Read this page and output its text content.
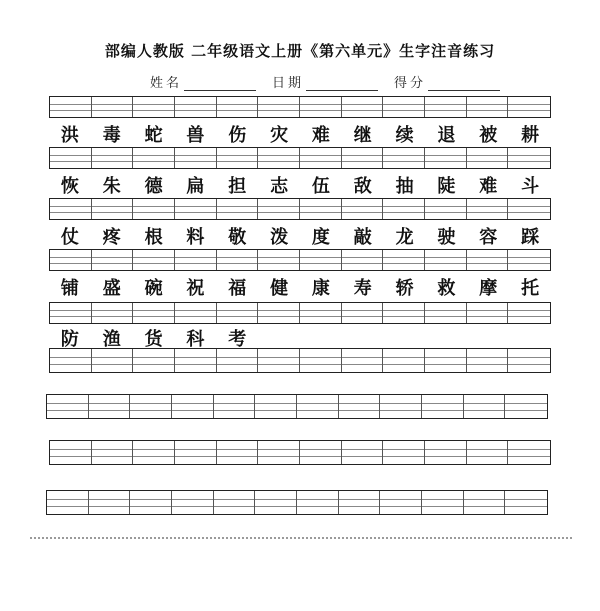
部编人教版 二年级语文上册《第六单元》生字注音练习
姓名	日期	得分
洪	毒	蛇	兽	伤	灾	难	继	续	退	被	耕
恢	朱	德	扁	担	志	伍	敌	抽	陡	难	斗
仗	疼	根	料	敬	泼	度	敲	龙	驶	容	踩
铺	盛	碗	祝	福	健	康	寿	轿	救	摩	托
防	渔	货	科	考
